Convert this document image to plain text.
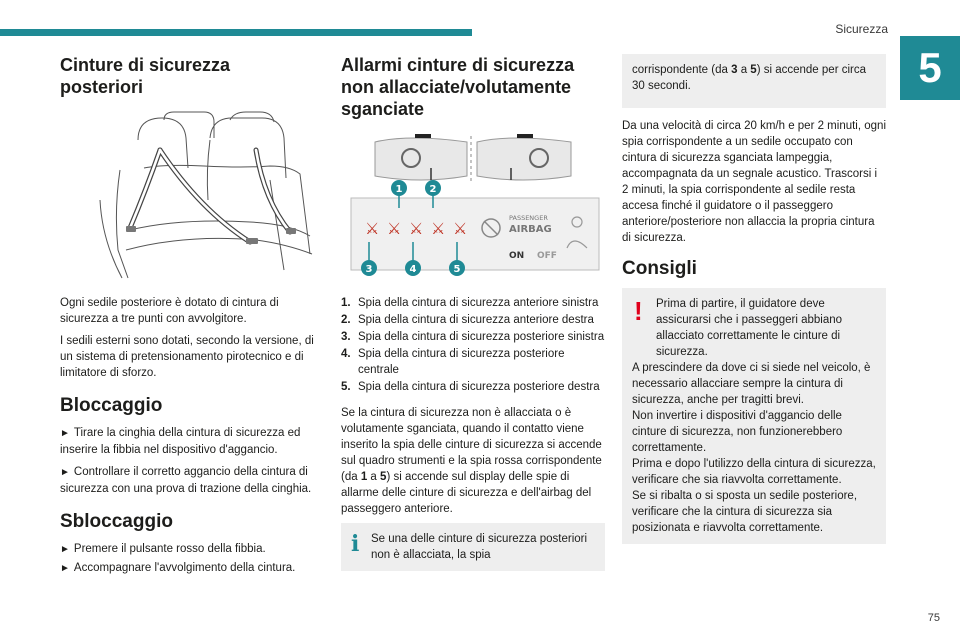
Sicurezza
5
75
Cinture di sicurezza posteriori

Ogni sedile posteriore è dotato di cintura di sicurezza a tre punti con avvolgitore.

I sedili esterni sono dotati, secondo la versione, di un sistema di pretensionamento pirotecnico e di limitatore di sforzo.

Bloccaggio

► Tirare la cinghia della cintura di sicurezza ed inserire la fibbia nel dispositivo d'aggancio.

► Controllare il corretto aggancio della cintura di sicurezza con una prova di trazione della cinghia.

Sbloccaggio

► Premere il pulsante rosso della fibbia.

► Accompagnare l'avvolgimento della cintura.

Allarmi cinture di sicurezza non allacciate/volutamente sganciate
⚔ ⚔ ⚔ ⚔ ⚔
PASSENGER
AIRBAG
ON OFF
1	2
3	4	5
1. Spia della cintura di sicurezza anteriore sinistra
2. Spia della cintura di sicurezza anteriore destra
3. Spia della cintura di sicurezza posteriore sinistra
4. Spia della cintura di sicurezza posteriore centrale
5. Spia della cintura di sicurezza posteriore destra

Se la cintura di sicurezza non è allacciata o è volutamente sganciata, quando il contatto viene inserito la spia delle cinture di sicurezza si accende sul quadro strumenti e la spia rossa corrispondente (da 1 a 5) si accende sul display delle spie di allarme delle cinture di sicurezza e dell'airbag del passeggero anteriore.

i Se una delle cinture di sicurezza posteriori non è allacciata, la spia

corrispondente (da 3 a 5) si accende per circa 30 secondi.

Da una velocità di circa 20 km/h e per 2 minuti, ogni spia corrispondente a un sedile occupato con cintura di sicurezza sganciata lampeggia, accompagnata da un segnale acustico. Trascorsi i 2 minuti, la spia corrispondente al sedile resta accesa finché il guidatore o il passeggero anteriore/posteriore non allaccia la propria cintura di sicurezza.

Consigli
!	Prima di partire, il guidatore deve assicurarsi che i passeggeri abbiano allacciato correttamente le cinture di sicurezza.

A prescindere da dove ci si siede nel veicolo, è necessario allacciare sempre la cintura di sicurezza, anche per tragitti brevi.

Non invertire i dispositivi d'aggancio delle cinture di sicurezza, non funzionerebbero correttamente.

Prima e dopo l'utilizzo della cintura di sicurezza, verificare che sia riavvolta correttamente.

Se si ribalta o si sposta un sedile posteriore, verificare che la cintura di sicurezza sia posizionata e riavvolta correttamente.
